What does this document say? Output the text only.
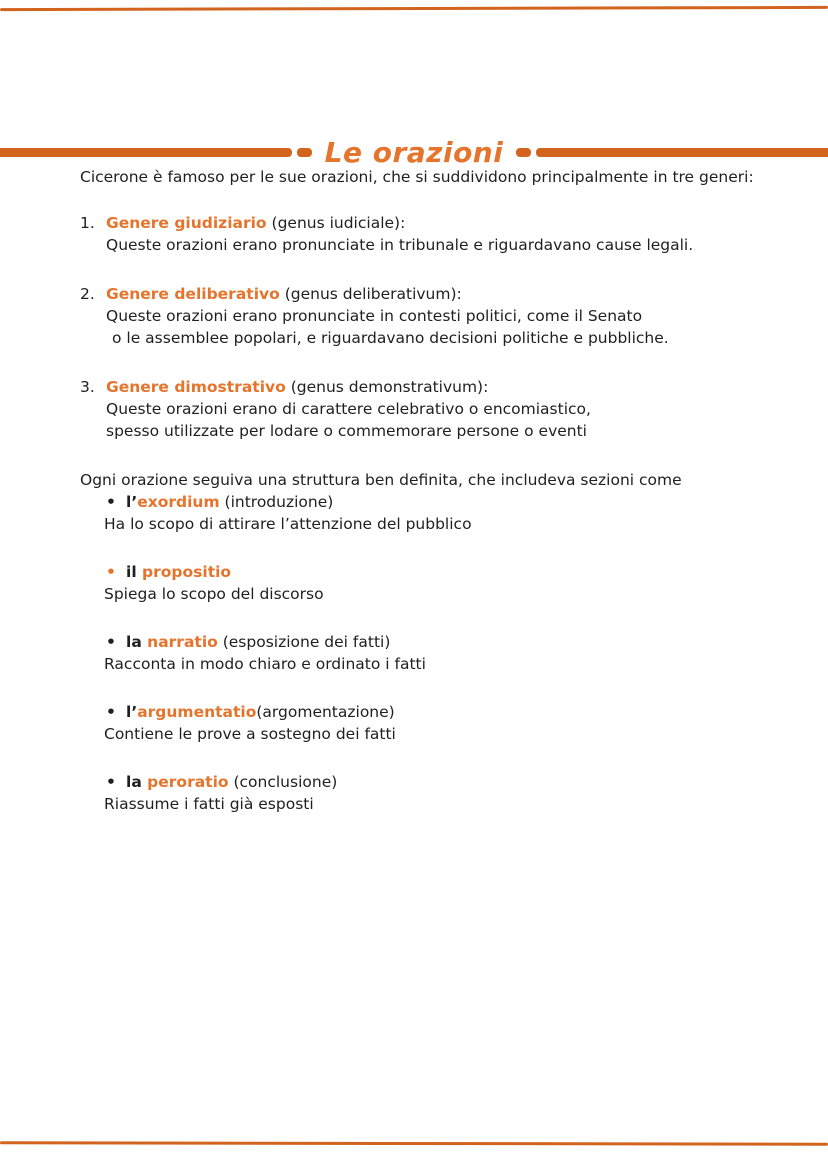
Le orazioni

Cicerone è famoso per le sue orazioni, che si suddividono principalmente in tre generi:

1. Genere giudiziario (genus iudiciale):
Queste orazioni erano pronunciate in tribunale e riguardavano cause legali.
2. Genere deliberativo (genus deliberativum):
Queste orazioni erano pronunciate in contesti politici, come il Senato
o le assemblee popolari, e riguardavano decisioni politiche e pubbliche.
3. Genere dimostrativo (genus demonstrativum):
Queste orazioni erano di carattere celebrativo o encomiastico,
spesso utilizzate per lodare o commemorare persone o eventi

Ogni orazione seguiva una struttura ben definita, che includeva sezioni come

• l’exordium (introduzione)
Ha lo scopo di attirare l’attenzione del pubblico
• il propositio
Spiega lo scopo del discorso
• la narratio (esposizione dei fatti)
Racconta in modo chiaro e ordinato i fatti
• l’argumentatio(argomentazione)
Contiene le prove a sostegno dei fatti
• la peroratio (conclusione)
Riassume i fatti già esposti
